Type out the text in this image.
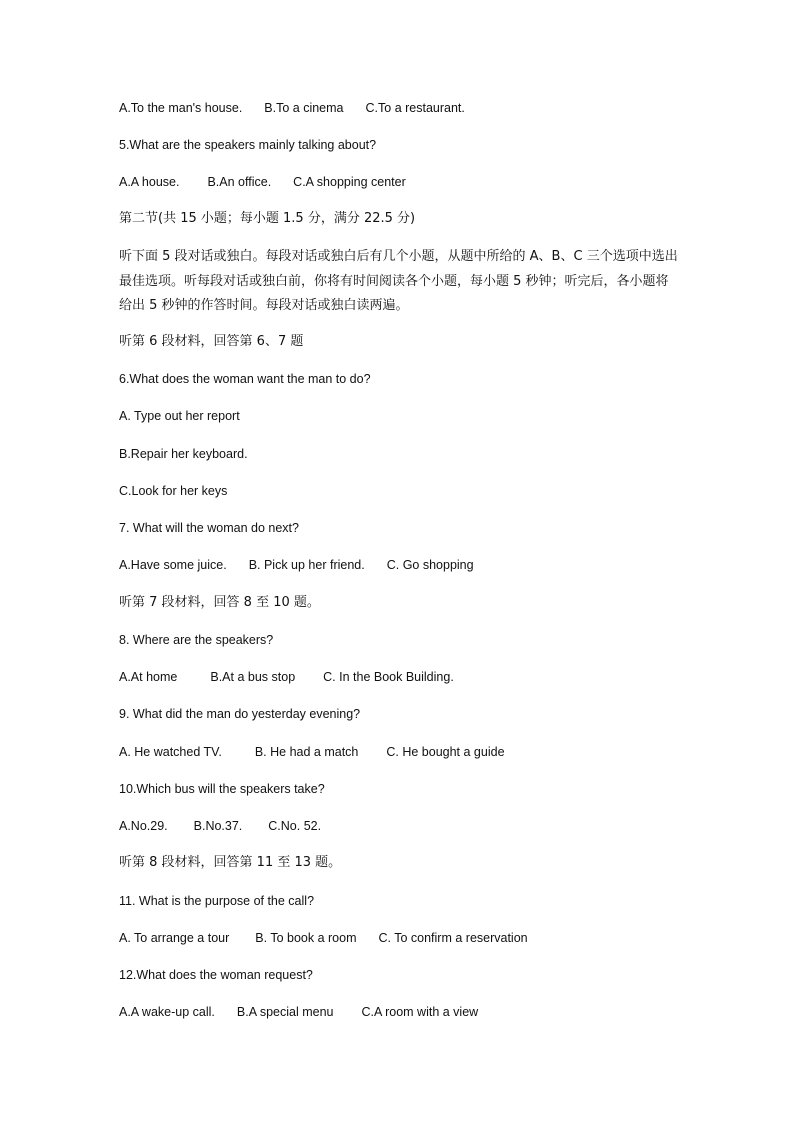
A.To the man's house. B.To a cinema C.To a restaurant.
5.What are the speakers mainly talking about?
A.A house. B.An office. C.A shopping center
第二节(共 15 小题；每小题 1.5 分，满分 22.5 分)
听下面 5 段对话或独白。每段对话或独白后有几个小题，从题中所给的 A、B、C 三个选项中选出最佳选项。听每段对话或独白前，你将有时间阅读各个小题，每小题 5 秒钟；听完后，各小题将给出 5 秒钟的作答时间。每段对话或独白读两遍。
听第 6 段材料，回答第 6、7 题
6.What does the woman want the man to do?
A. Type out her report
B.Repair her keyboard.
C.Look for her keys
7. What will the woman do next?
A.Have some juice. B. Pick up her friend. C. Go shopping
听第 7 段材料，回答 8 至 10 题。
8. Where are the speakers?
A.At home	B.At a bus stop C. In the Book Building.
9. What did the man do yesterday evening?
A. He watched TV.	B. He had a match C. He bought a guide
10.Which bus will the speakers take?
A.No.29. B.No.37. C.No. 52.
听第 8 段材料，回答第 11 至 13 题。
11. What is the purpose of the call?
A. To arrange a tour B. To book a room C. To confirm a reservation
12.What does the woman request?
A.A wake-up call. B.A special menu C.A room with a view
